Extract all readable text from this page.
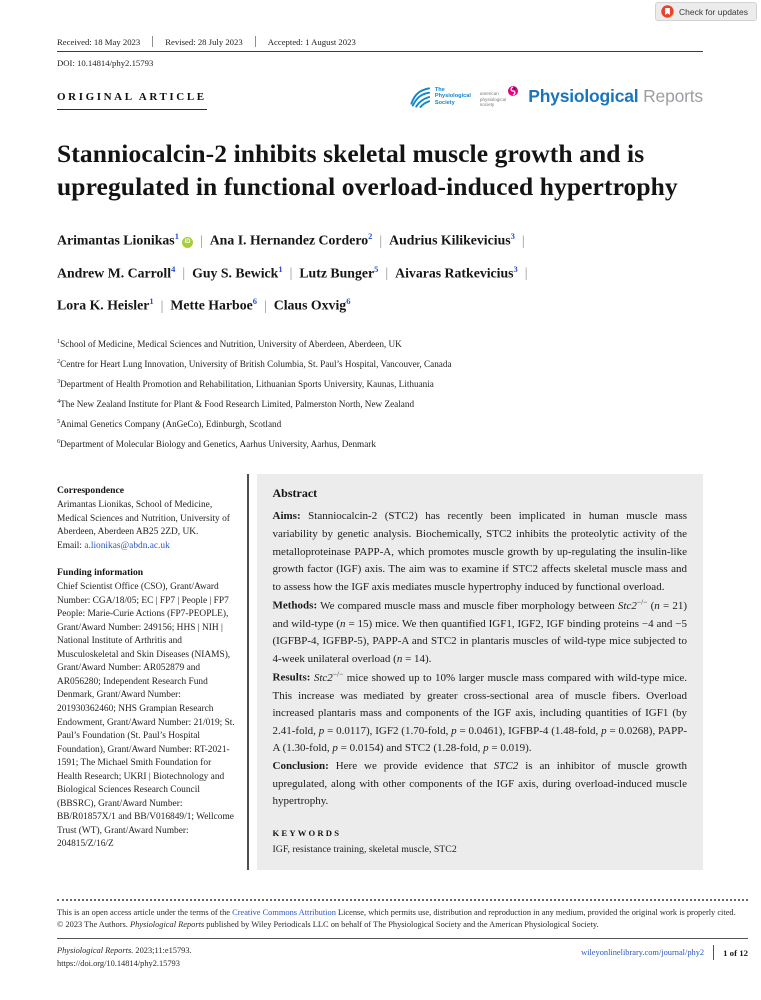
Check for updates
Received: 18 May 2023	Revised: 28 July 2023	Accepted: 1 August 2023
DOI: 10.14814/phy2.15793
ORIGINAL ARTICLE
The
Physiological
Society
american
physiological
society	Physiological Reports
Stanniocalcin-2 inhibits skeletal muscle growth and is
upregulated in functional overload-induced hypertrophy
Arimantas Lionikas$^1$iD | Ana I. Hernandez Cordero$^2$ | Audrius Kilikevicius$^3$ |
Andrew M. Carroll$^4$ | Guy S. Bewick$^1$ | Lutz Bunger$^5$ | Aivaras Ratkevicius$^3$ |
Lora K. Heisler$^1$ | Mette Harboe$^6$ | Claus Oxvig$^6$
$^1$School of Medicine, Medical Sciences and Nutrition, University of Aberdeen, Aberdeen, UK
$^2$Centre for Heart Lung Innovation, University of British Columbia, St. Paul’s Hospital, Vancouver, Canada
$^3$Department of Health Promotion and Rehabilitation, Lithuanian Sports University, Kaunas, Lithuania
$^4$The New Zealand Institute for Plant & Food Research Limited, Palmerston North, New Zealand
$^5$Animal Genetics Company (AnGeCo), Edinburgh, Scotland
$^6$Department of Molecular Biology and Genetics, Aarhus University, Aarhus, Denmark
Correspondence
Arimantas Lionikas, School of Medicine, Medical Sciences and Nutrition, University of Aberdeen, Aberdeen AB25 2ZD, UK.
Email: a.lionikas@abdn.ac.uk
Funding information
Chief Scientist Office (CSO), Grant/Award Number: CGA/18/05; EC | FP7 | People | FP7 People: Marie-Curie Actions (FP7-PEOPLE), Grant/Award Number: 249156; HHS | NIH | National Institute of Arthritis and Musculoskeletal and Skin Diseases (NIAMS), Grant/Award Number: AR052879 and AR056280; Independent Research Fund Denmark, Grant/Award Number: 201930362460; NHS Grampian Research Endowment, Grant/Award Number: 21/019; St. Paul’s Foundation (St. Paul’s Hospital Foundation), Grant/Award Number: RT-2021-1591; The Michael Smith Foundation for Health Research; UKRI | Biotechnology and Biological Sciences Research Council (BBSRC), Grant/Award Number: BB/R01857X/1 and BB/V016849/1; Wellcome Trust (WT), Grant/Award Number: 204815/Z/16/Z
Abstract

Aims: Stanniocalcin-2 (STC2) has recently been implicated in human muscle mass variability by genetic analysis. Biochemically, STC2 inhibits the proteolytic activity of the metalloproteinase PAPP-A, which promotes muscle growth by up-regulating the insulin-like growth factor (IGF) axis. The aim was to examine if STC2 affects skeletal muscle mass and to assess how the IGF axis mediates muscle hypertrophy induced by functional overload.

Methods: We compared muscle mass and muscle fiber morphology between Stc2−/− (n = 21) and wild-type (n = 15) mice. We then quantified IGF1, IGF2, IGF binding proteins −4 and −5 (IGFBP-4, IGFBP-5), PAPP-A and STC2 in plantaris muscles of wild-type mice subjected to 4-week unilateral overload (n = 14).

Results: Stc2−/− mice showed up to 10% larger muscle mass compared with wild-type mice. This increase was mediated by greater cross-sectional area of muscle fibers. Overload increased plantaris mass and components of the IGF axis, including quantities of IGF1 (by 2.41-fold, p = 0.0117), IGF2 (1.70-fold, p = 0.0461), IGFBP-4 (1.48-fold, p = 0.0268), PAPP-A (1.30-fold, p = 0.0154) and STC2 (1.28-fold, p = 0.019).

Conclusion: Here we provide evidence that STC2 is an inhibitor of muscle growth upregulated, along with other components of the IGF axis, during overload-induced muscle hypertrophy.

KEYWORDS
IGF, resistance training, skeletal muscle, STC2
This is an open access article under the terms of the Creative Commons Attribution License, which permits use, distribution and reproduction in any medium, provided the original work is properly cited.
© 2023 The Authors. Physiological Reports published by Wiley Periodicals LLC on behalf of The Physiological Society and the American Physiological Society.
Physiological Reports. 2023;11:e15793.
https://doi.org/10.14814/phy2.15793
wileyonlinelibrary.com/journal/phy2 1 of 12
